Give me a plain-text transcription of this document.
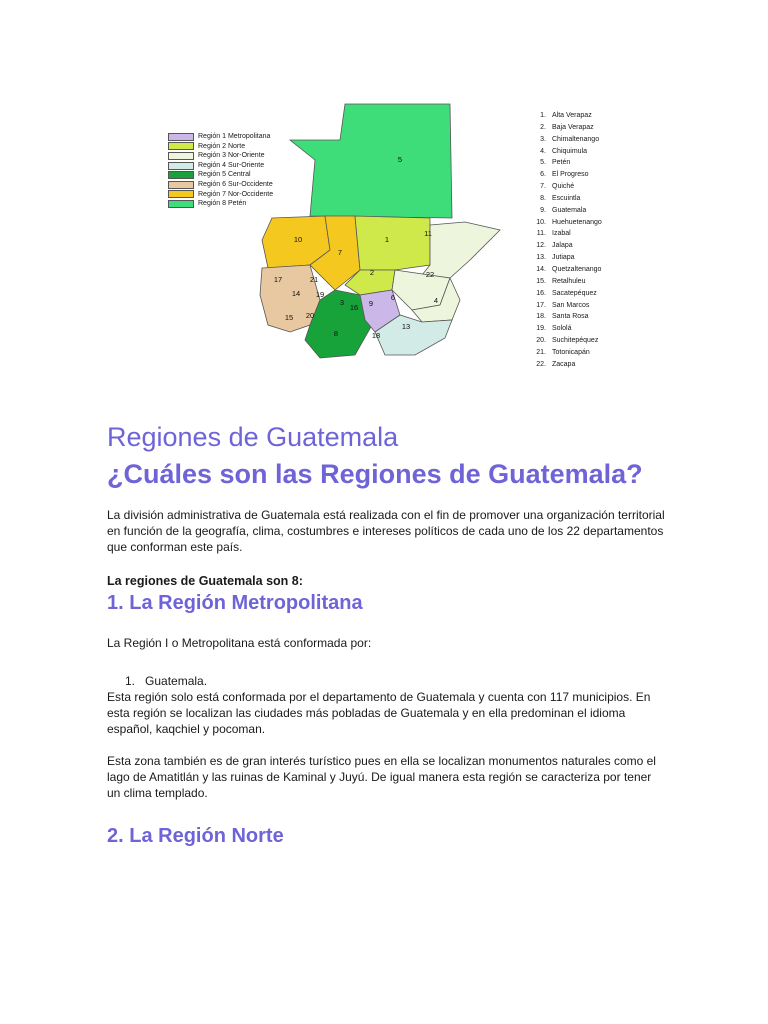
5
10
7
1
11
2	22
17
14
21
19
3
16 9
6	4
15 20
8
13
18
Región 1 Metropolitana
Región 2 Norte
Región 3 Nor-Oriente
Región 4 Sur-Oriente
Región 5 Central
Región 6 Sur-Occidente
Región 7 Nor-Occidente
Región 8 Petén
1. Alta Verapaz
2. Baja Verapaz
3. Chimaltenango
4. Chiquimula
5. Petén
6. El Progreso
7. Quiché
8. Escuintla
9. Guatemala
10. Huehuetenango
11. Izabal
12. Jalapa
13. Jutiapa
14. Quetzaltenango
15. Retalhuleu
16. Sacatepéquez
17. San Marcos
18. Santa Rosa
19. Sololá
20. Suchitepéquez
21. Totonicapán
22. Zacapa
Regiones de Guatemala
¿Cuáles son las Regiones de Guatemala?

La división administrativa de Guatemala está realizada con el fin de promover una organización territorial en función de la geografía, clima, costumbres e intereses políticos de cada uno de los 22 departamentos que conforman este país.

La regiones de Guatemala son 8:

1. La Región Metropolitana

La Región I o Metropolitana está conformada por:

1. Guatemala.

Esta región solo está conformada por el departamento de Guatemala y cuenta con 117 municipios. En esta región se localizan las ciudades más pobladas de Guatemala y en ella predominan el idioma español, kaqchiel y pocoman.

Esta zona también es de gran interés turístico pues en ella se localizan monumentos naturales como el lago de Amatitlán y las ruinas de Kaminal y Juyú. De igual manera esta región se caracteriza por tener un clima templado.

2. La Región Norte
